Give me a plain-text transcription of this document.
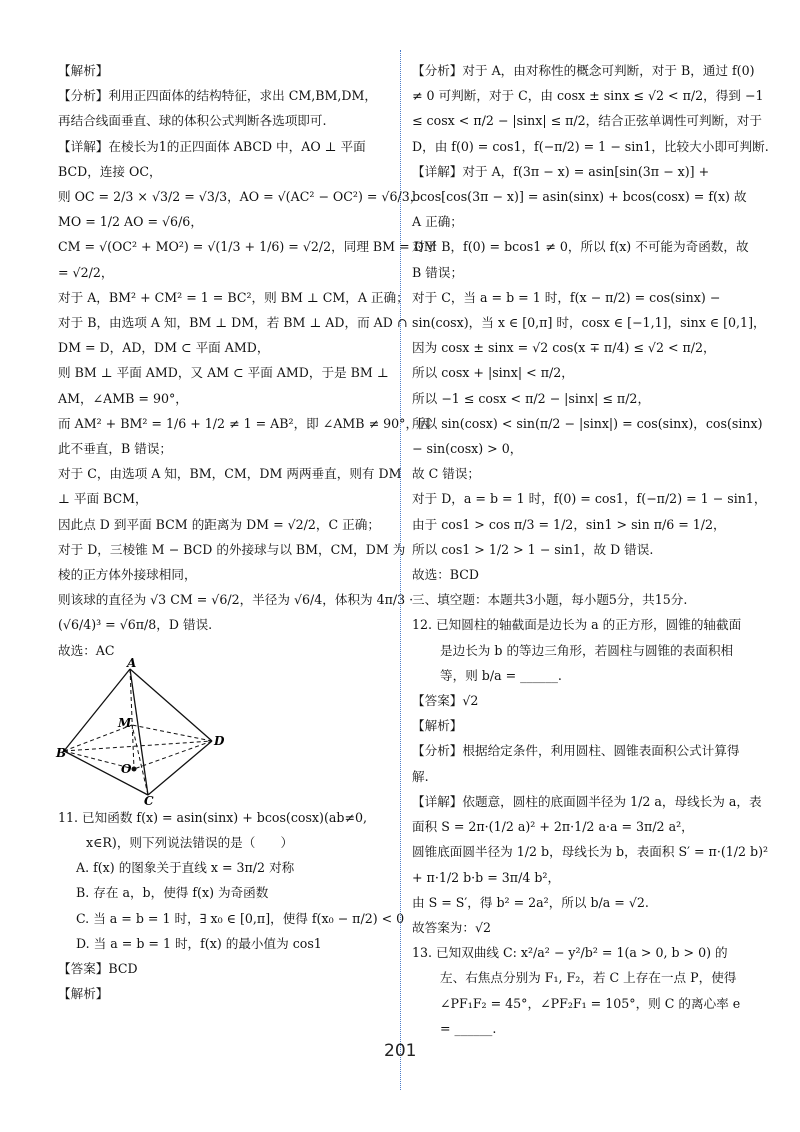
【解析】
【分析】利用正四面体的结构特征，求出 CM,BM,DM，再结合线面垂直、球的体积公式判断各选项即可.
【详解】在棱长为1的正四面体 ABCD 中，AO ⊥ 平面
BCD，连接 OC，
则 OC = 2/3 × √3/2 = √3/3，AO = √(AC² − OC²) = √6/3，
MO = 1/2 AO = √6/6，
CM = √(OC² + MO²) = √(1/3 + 1/6) = √2/2，同理 BM = DM
= √2/2，
对于 A，BM² + CM² = 1 = BC²，则 BM ⊥ CM，A 正确；
对于 B，由选项 A 知，BM ⊥ DM，若 BM ⊥ AD，而 AD ∩
DM = D，AD，DM ⊂ 平面 AMD，
则 BM ⊥ 平面 AMD，又 AM ⊂ 平面 AMD，于是 BM ⊥
AM，∠AMB = 90°，
而 AM² + BM² = 1/6 + 1/2 ≠ 1 = AB²，即 ∠AMB ≠ 90°，因
此不垂直，B 错误；
对于 C，由选项 A 知，BM，CM，DM 两两垂直，则有 DM
⊥ 平面 BCM，
因此点 D 到平面 BCM 的距离为 DM = √2/2，C 正确；
对于 D，三棱锥 M − BCD 的外接球与以 BM，CM，DM 为
棱的正方体外接球相同，
则该球的直径为 √3 CM = √6/2，半径为 √6/4，体积为 4π/3 ·
(√6/4)³ = √6π/8，D 错误.
故选：AC
A
M
B
D
O
C
11. 已知函数 f(x) = asin(sinx) + bcos(cosx)(ab≠0, x∈R)，则下列说法错误的是（　　）
A. f(x) 的图象关于直线 x = 3π/2 对称
B. 存在 a，b，使得 f(x) 为奇函数
C. 当 a = b = 1 时，∃ x₀ ∈ [0,π]，使得 f(x₀ − π/2) < 0
D. 当 a = b = 1 时，f(x) 的最小值为 cos1
【答案】BCD
【解析】
【分析】对于 A，由对称性的概念可判断，对于 B，通过 f(0)
≠ 0 可判断，对于 C，由 cosx ± sinx ≤ √2 < π/2，得到 −1
≤ cosx < π/2 − |sinx| ≤ π/2，结合正弦单调性可判断，对于
D，由 f(0) = cos1，f(−π/2) = 1 − sin1，比较大小即可判断.
【详解】对于 A，f(3π − x) = asin[sin(3π − x)] +
bcos[cos(3π − x)] = asin(sinx) + bcos(cosx) = f(x) 故
A 正确；
对于 B，f(0) = bcos1 ≠ 0，所以 f(x) 不可能为奇函数，故
B 错误；
对于 C，当 a = b = 1 时，f(x − π/2) = cos(sinx) −
sin(cosx)，当 x ∈ [0,π] 时，cosx ∈ [−1,1]，sinx ∈ [0,1]，
因为 cosx ± sinx = √2 cos(x ∓ π/4) ≤ √2 < π/2，
所以 cosx + |sinx| < π/2，
所以 −1 ≤ cosx < π/2 − |sinx| ≤ π/2，
所以 sin(cosx) < sin(π/2 − |sinx|) = cos(sinx)，cos(sinx)
− sin(cosx) > 0，
故 C 错误；
对于 D，a = b = 1 时，f(0) = cos1，f(−π/2) = 1 − sin1，
由于 cos1 > cos π/3 = 1/2，sin1 > sin π/6 = 1/2，
所以 cos1 > 1/2 > 1 − sin1，故 D 错误.
故选：BCD
三、填空题：本题共3小题，每小题5分，共15分.
12. 已知圆柱的轴截面是边长为 a 的正方形，圆锥的轴截面是边长为 b 的等边三角形，若圆柱与圆锥的表面积相等，则 b/a = ______.
【答案】√2
【解析】
【分析】根据给定条件，利用圆柱、圆锥表面积公式计算得解.
【详解】依题意，圆柱的底面圆半径为 1/2 a，母线长为 a，表
面积 S = 2π·(1/2 a)² + 2π·1/2 a·a = 3π/2 a²，
圆锥底面圆半径为 1/2 b，母线长为 b，表面积 S′ = π·(1/2 b)²
+ π·1/2 b·b = 3π/4 b²，
由 S = S′，得 b² = 2a²，所以 b/a = √2.
故答案为：√2
13. 已知双曲线 C: x²/a² − y²/b² = 1(a > 0, b > 0) 的左、右焦点分别为 F₁, F₂，若 C 上存在一点 P，使得 ∠PF₁F₂ = 45°，∠PF₂F₁ = 105°，则 C 的离心率 e = ______.
201
